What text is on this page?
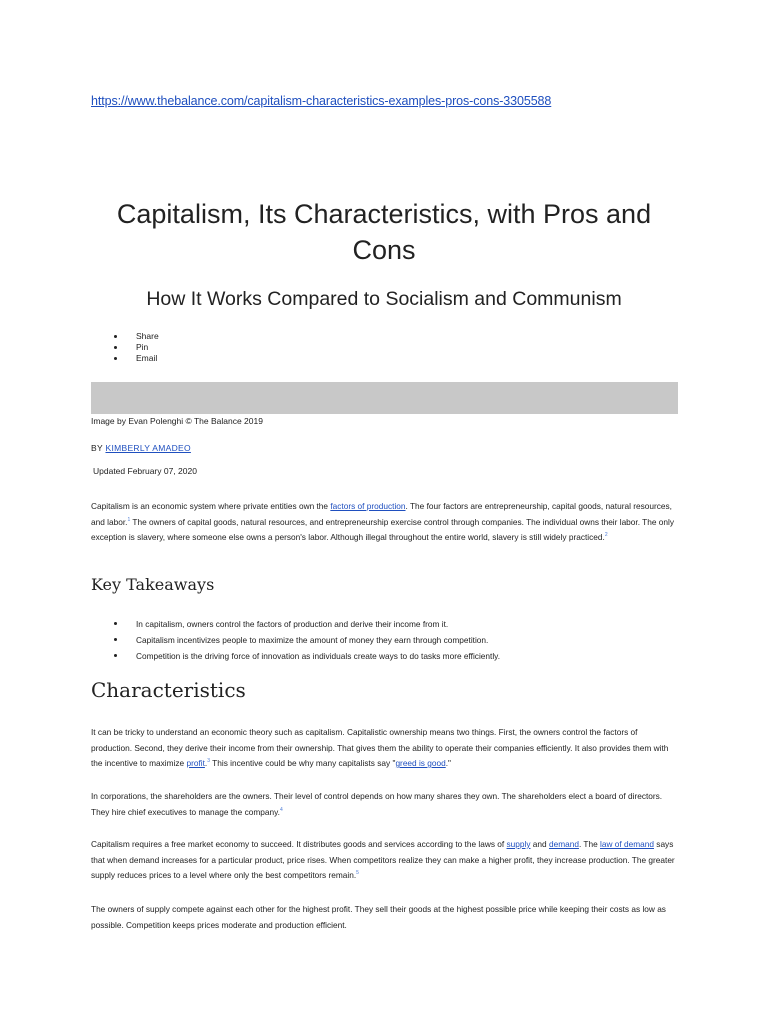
https://www.thebalance.com/capitalism-characteristics-examples-pros-cons-3305588
Capitalism, Its Characteristics, with Pros and Cons
How It Works Compared to Socialism and Communism
Share
Pin
Email
Image by Evan Polenghi © The Balance 2019
BY KIMBERLY AMADEO
Updated February 07, 2020

Capitalism is an economic system where private entities own the factors of production. The four factors are entrepreneurship, capital goods, natural resources, and labor.$^1$ The owners of capital goods, natural resources, and entrepreneurship exercise control through companies. The individual owns their labor. The only exception is slavery, where someone else owns a person's labor. Although illegal throughout the entire world, slavery is still widely practiced.$^2$

Key Takeaways
In capitalism, owners control the factors of production and derive their income from it.
Capitalism incentivizes people to maximize the amount of money they earn through competition.
Competition is the driving force of innovation as individuals create ways to do tasks more efficiently.
Characteristics

It can be tricky to understand an economic theory such as capitalism. Capitalistic ownership means two things. First, the owners control the factors of production. Second, they derive their income from their ownership. That gives them the ability to operate their companies efficiently. It also provides them with the incentive to maximize profit.$^3$ This incentive could be why many capitalists say "greed is good."

In corporations, the shareholders are the owners. Their level of control depends on how many shares they own. The shareholders elect a board of directors. They hire chief executives to manage the company.$^4$

Capitalism requires a free market economy to succeed. It distributes goods and services according to the laws of supply and demand. The law of demand says that when demand increases for a particular product, price rises. When competitors realize they can make a higher profit, they increase production. The greater supply reduces prices to a level where only the best competitors remain.$^5$

The owners of supply compete against each other for the highest profit. They sell their goods at the highest possible price while keeping their costs as low as possible. Competition keeps prices moderate and production efficient.
